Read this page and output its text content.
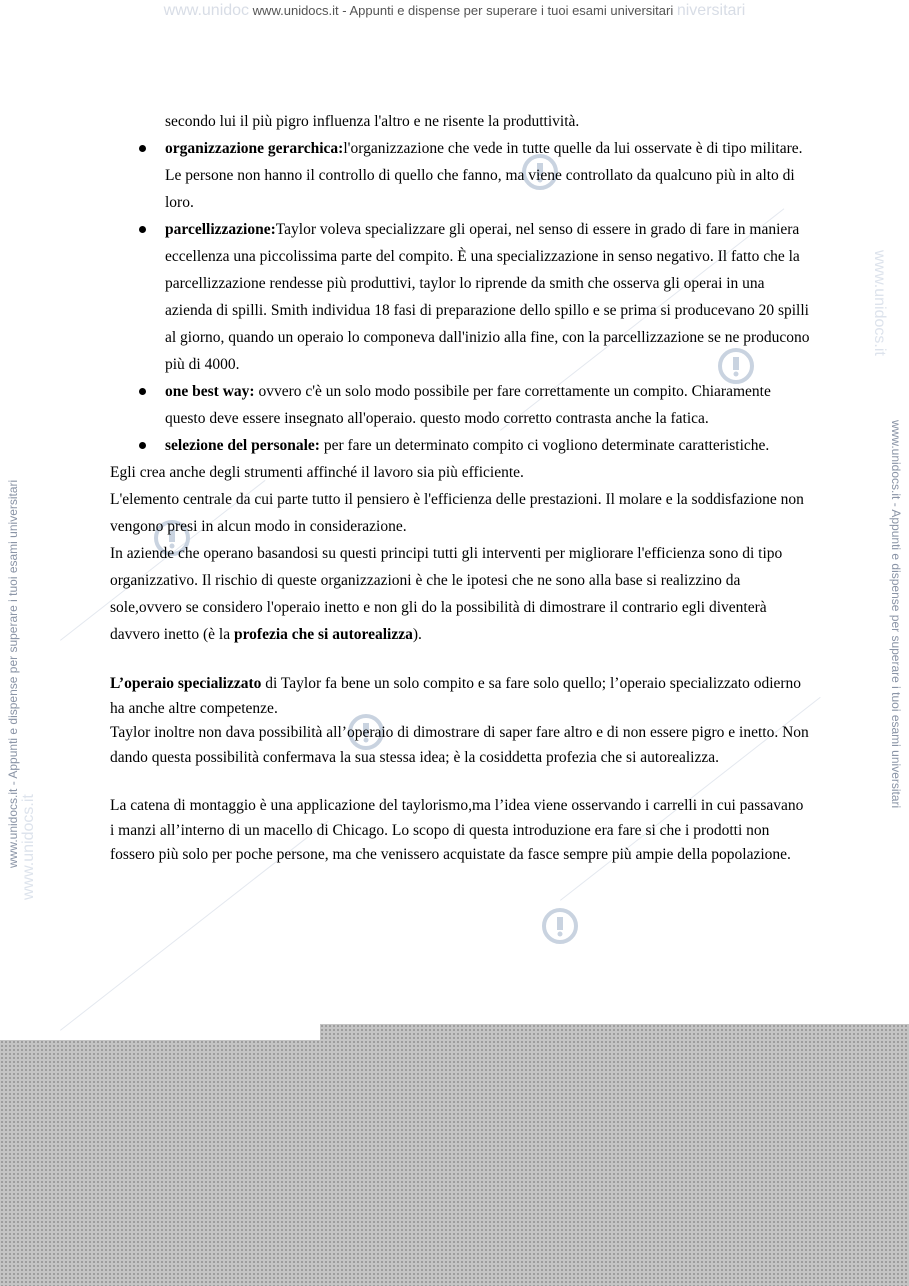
www.unidoc www.unidocs.it - Appunti e dispense per superare i tuoi esami universitari niversitari
www.unidocs.it - Appunti e dispense per superare i tuoi esami universitari	www.unidocs.it - Appunti e dispense per superare i tuoi esami universitari
www.unidocs.it
www.unidocs.it
secondo lui il più pigro influenza l'altro e ne risente la produttività.
organizzazione gerarchica:l'organizzazione che vede in tutte quelle da lui osservate è di tipo militare. Le persone non hanno il controllo di quello che fanno, ma viene controllato da qualcuno più in alto di loro.
parcellizzazione:Taylor voleva specializzare gli operai, nel senso di essere in grado di fare in maniera eccellenza una piccolissima parte del compito. È una specializzazione in senso negativo. Il fatto che la parcellizzazione rendesse più produttivi, taylor lo riprende da smith che osserva gli operai in una azienda di spilli. Smith individua 18 fasi di preparazione dello spillo e se prima si producevano 20 spilli al giorno, quando un operaio lo componeva dall'inizio alla fine, con la parcellizzazione se ne producono più di 4000.
one best way: ovvero c'è un solo modo possibile per fare correttamente un compito. Chiaramente questo deve essere insegnato all'operaio. questo modo corretto contrasta anche la fatica.
selezione del personale: per fare un determinato compito ci vogliono determinate caratteristiche.

Egli crea anche degli strumenti affinché il lavoro sia più efficiente.

L'elemento centrale da cui parte tutto il pensiero è l'efficienza delle prestazioni. Il molare e la soddisfazione non vengono presi in alcun modo in considerazione.

In aziende che operano basandosi su questi principi tutti gli interventi per migliorare l'efficienza sono di tipo organizzativo. Il rischio di queste organizzazioni è che le ipotesi che ne sono alla base si realizzino da sole,ovvero se considero l'operaio inetto e non gli do la possibilità di dimostrare il contrario egli diventerà davvero inetto (è la profezia che si autorealizza).

L’operaio specializzato di Taylor fa bene un solo compito e sa fare solo quello; l’operaio specializzato odierno ha anche altre competenze.

Taylor inoltre non dava possibilità all’operaio di dimostrare di saper fare altro e di non essere pigro e inetto. Non dando questa possibilità confermava la sua stessa idea; è la cosiddetta profezia che si autorealizza.

La catena di montaggio è una applicazione del taylorismo,ma l’idea viene osservando i carrelli in cui passavano i manzi all’interno di un macello di Chicago. Lo scopo di questa introduzione era fare si che i prodotti non fossero più solo per poche persone, ma che venissero acquistate da fasce sempre più ampie della popolazione.
